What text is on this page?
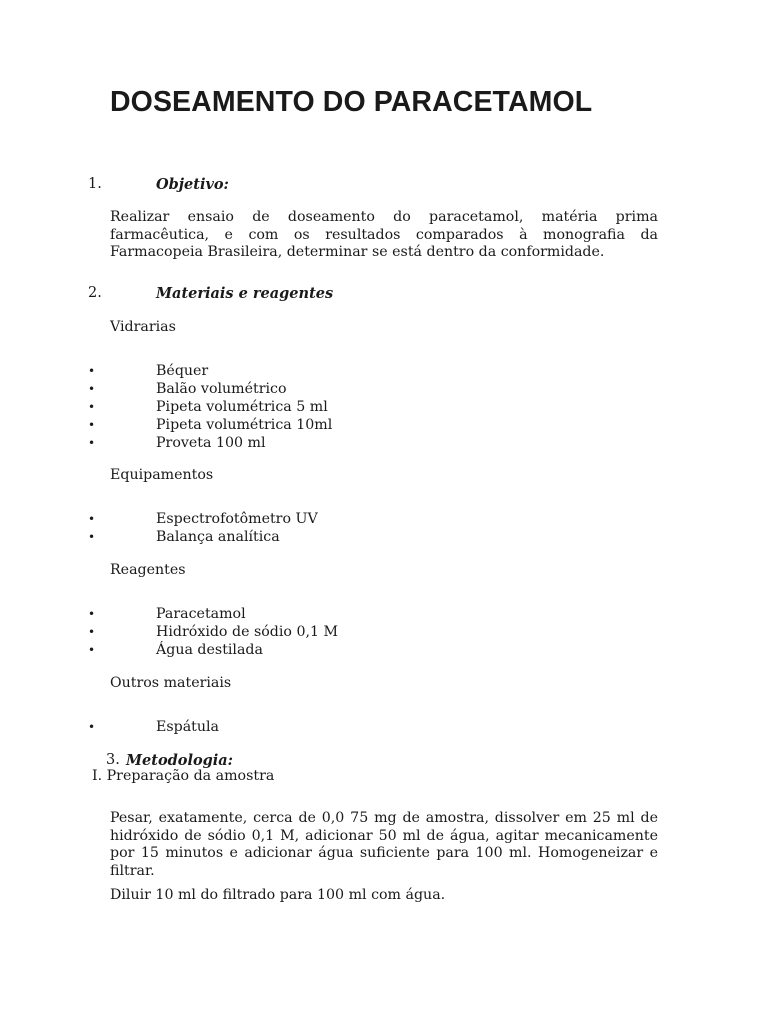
DOSEAMENTO DO PARACETAMOL
1.	Objetivo:

Realizar ensaio de doseamento do paracetamol, matéria prima farmacêutica, e com os resultados comparados à monografia da Farmacopeia Brasileira, determinar se está dentro da conformidade.

2.	Materiais e reagentes
Vidrarias
•	Béquer
•	Balão volumétrico
•	Pipeta volumétrica 5 ml
•	Pipeta volumétrica 10ml
•	Proveta 100 ml
Equipamentos
•	Espectrofotômetro UV
•	Balança analítica
Reagentes
•	Paracetamol
•	Hidróxido de sódio 0,1 M
•	Água destilada
Outros materiais
•	Espátula
3. Metodologia:
I. Preparação da amostra

Pesar, exatamente, cerca de 0,0 75 mg de amostra, dissolver em 25 ml de hidróxido de sódio 0,1 M, adicionar 50 ml de água, agitar mecanicamente por 15 minutos e adicionar água suficiente para 100 ml. Homogeneizar e filtrar.

Diluir 10 ml do filtrado para 100 ml com água.
